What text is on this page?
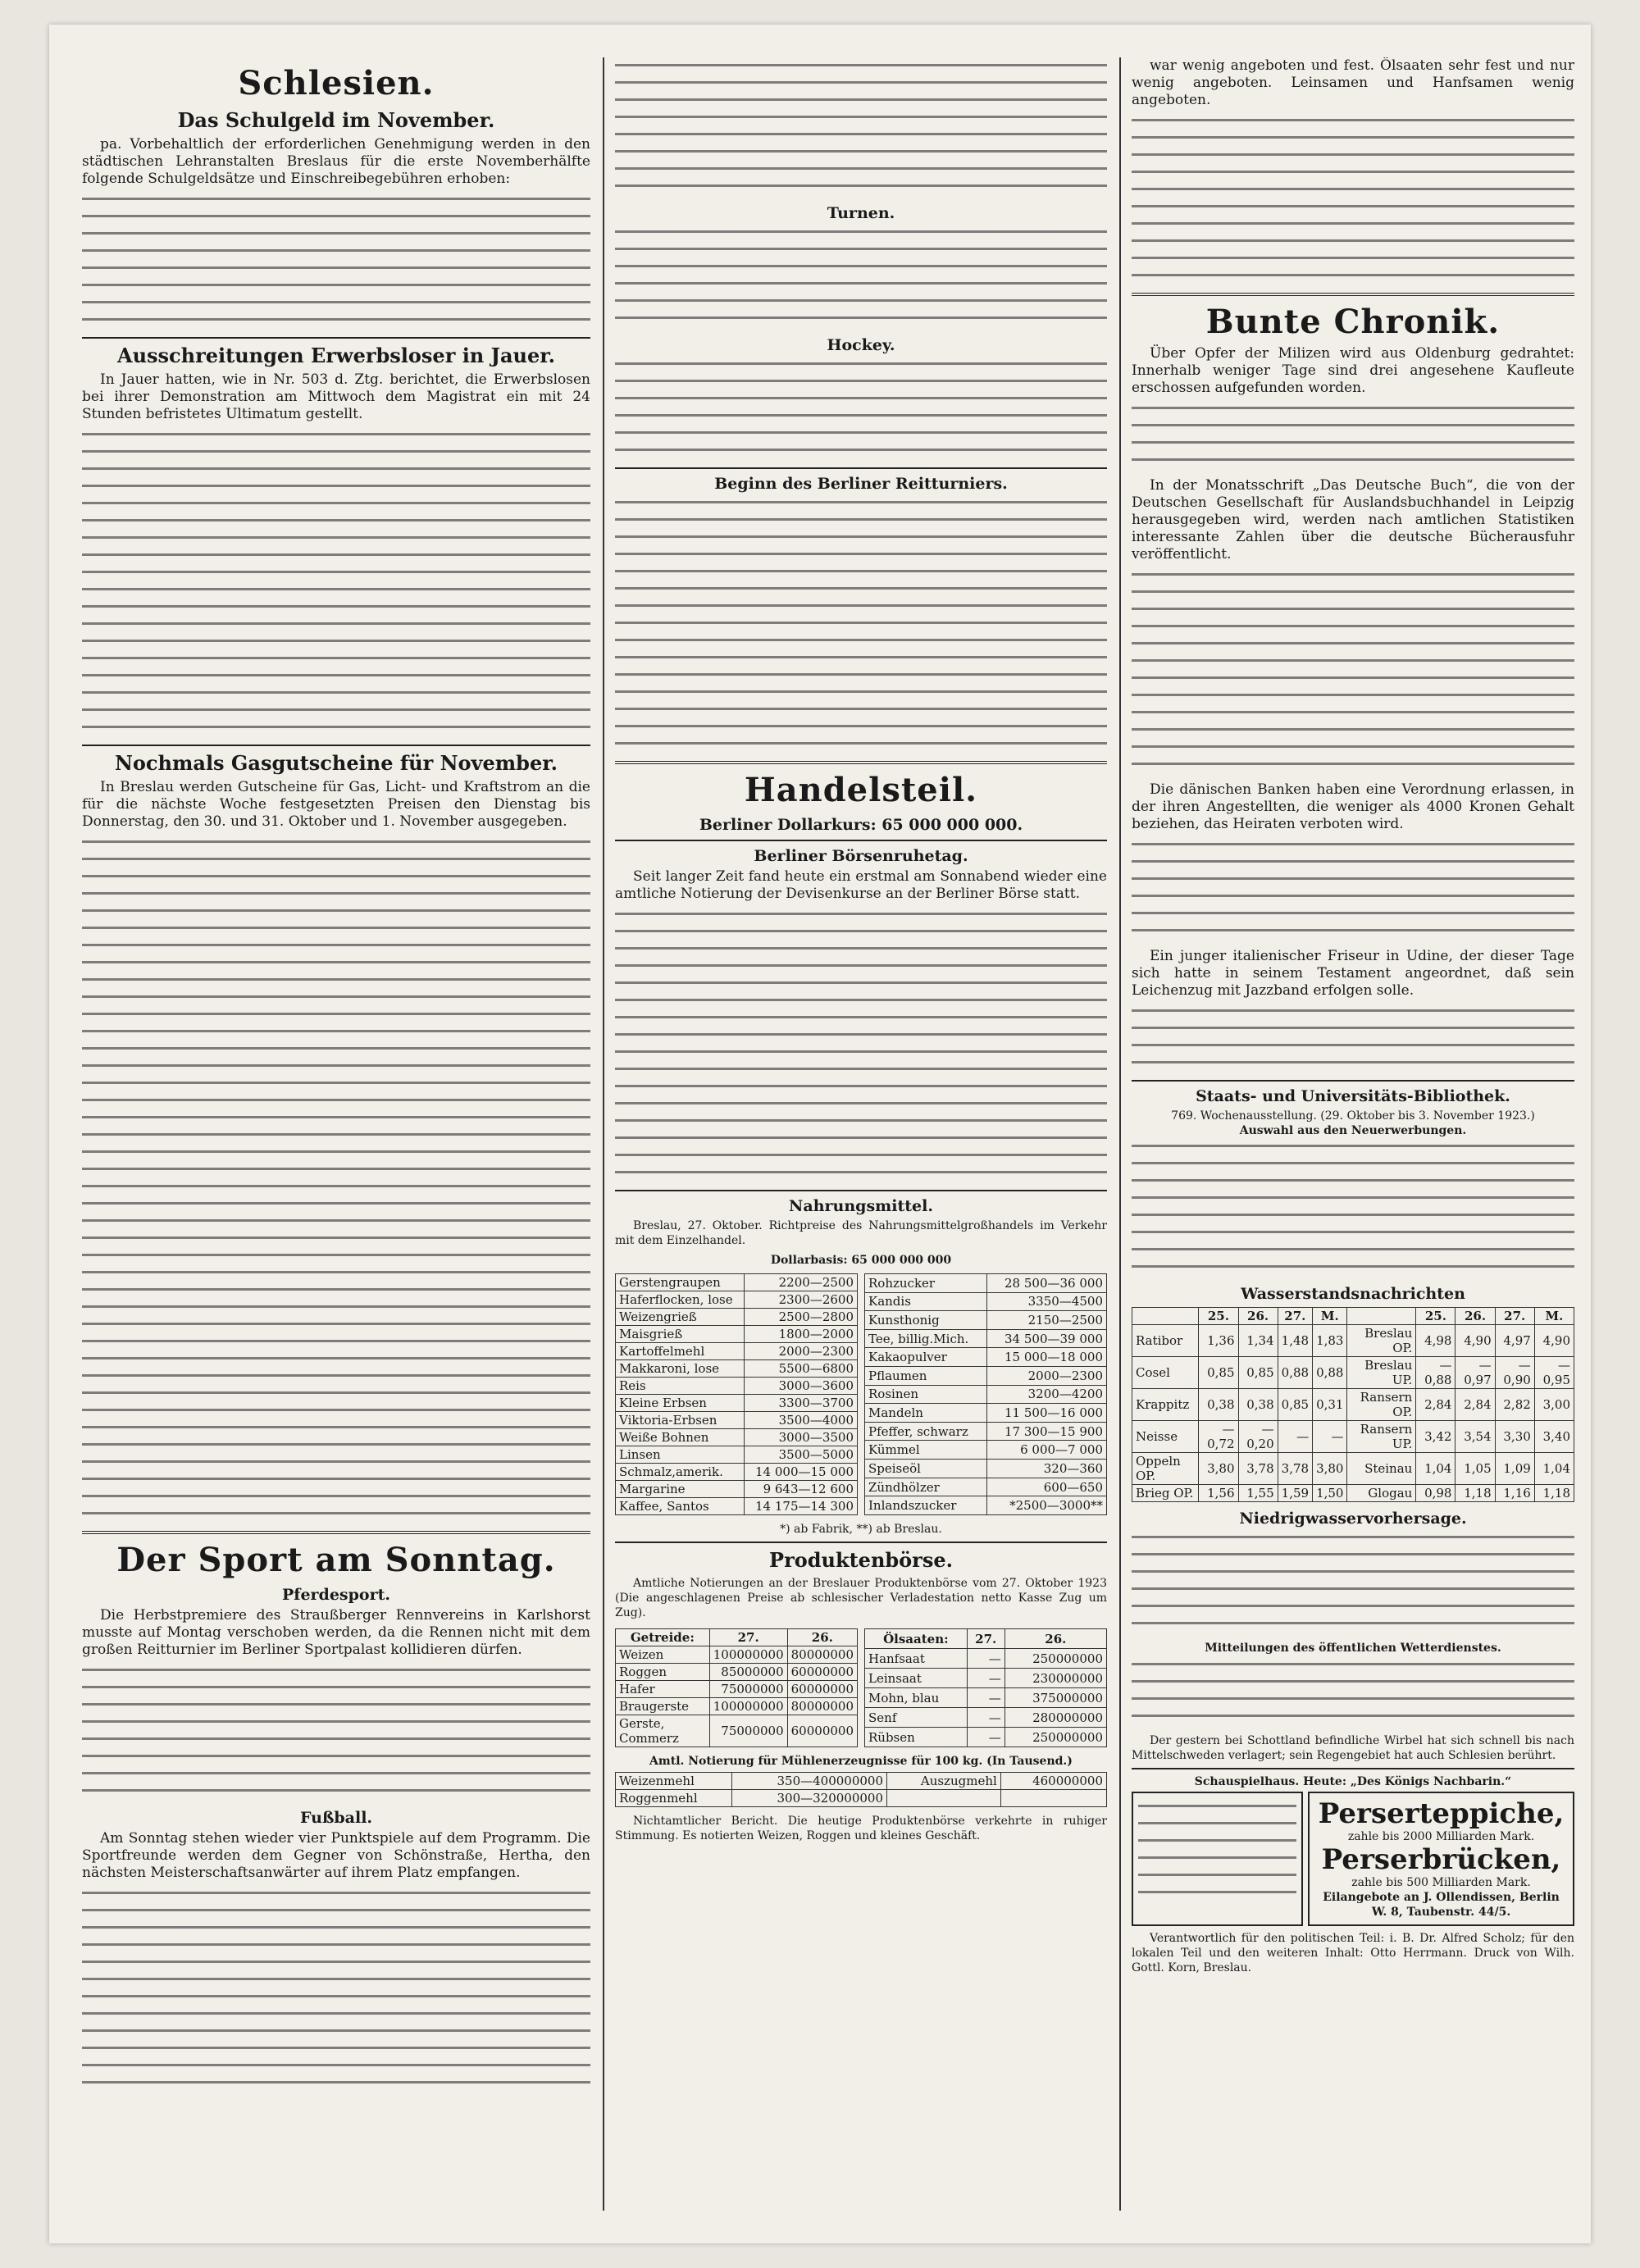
Schlesien.
Das Schulgeld im November.

pa. Vorbehaltlich der erforderlichen Genehmigung werden in den städtischen Lehranstalten Breslaus für die erste Novemberhälfte folgende Schulgeldsätze und Einschreibegebühren erhoben:

Ausschreitungen Erwerbsloser in Jauer.

In Jauer hatten, wie in Nr. 503 d. Ztg. berichtet, die Erwerbslosen bei ihrer Demonstration am Mittwoch dem Magistrat ein mit 24 Stunden befristetes Ultimatum gestellt.

Nochmals Gasgutscheine für November.

In Breslau werden Gutscheine für Gas, Licht- und Kraftstrom an die für die nächste Woche festgesetzten Preisen den Dienstag bis Donnerstag, den 30. und 31. Oktober und 1. November ausgegeben.

Der Sport am Sonntag.
Pferdesport.

Die Herbstpremiere des Straußberger Rennvereins in Karlshorst musste auf Montag verschoben werden, da die Rennen nicht mit dem großen Reitturnier im Berliner Sportpalast kollidieren dürfen.

Fußball.

Am Sonntag stehen wieder vier Punktspiele auf dem Programm. Die Sportfreunde werden dem Gegner von Schönstraße, Hertha, den nächsten Meisterschaftsanwärter auf ihrem Platz empfangen.

Turnen.
Hockey.
Beginn des Berliner Reitturniers.
Handelsteil.
Berliner Dollarkurs: 65 000 000 000.
Berliner Börsenruhetag.

Seit langer Zeit fand heute ein erstmal am Sonnabend wieder eine amtliche Notierung der Devisenkurse an der Berliner Börse statt.

Nahrungsmittel.

Breslau, 27. Oktober. Richtpreise des Nahrungsmittelgroßhandels im Verkehr mit dem Einzelhandel.

Dollarbasis: 65 000 000 000
Gerstengraupen	2200—2500
Haferflocken, lose	2300—2600
Weizengrieß	2500—2800
Maisgrieß	1800—2000
Kartoffelmehl	2000—2300
Makkaroni, lose	5500—6800
Reis	3000—3600
Kleine Erbsen	3300—3700
Viktoria-Erbsen	3500—4000
Weiße Bohnen	3000—3500
Linsen	3500—5000
Schmalz,amerik.	14 000—15 000
Margarine	9 643—12 600
Kaffee, Santos	14 175—14 300
Rohzucker	28 500—36 000
Kandis	3350—4500
Kunsthonig	2150—2500
Tee, billig.Mich.	34 500—39 000
Kakaopulver	15 000—18 000
Pflaumen	2000—2300
Rosinen	3200—4200
Mandeln	11 500—16 000
Pfeffer, schwarz	17 300—15 900
Kümmel	6 000—7 000
Speiseöl	320—360
Zündhölzer	600—650
Inlandszucker	*2500—3000**
*) ab Fabrik, **) ab Breslau.
Produktenbörse.

Amtliche Notierungen an der Breslauer Produktenbörse vom 27. Oktober 1923 (Die angeschlagenen Preise ab schlesischer Verladestation netto Kasse Zug um Zug).

Getreide:	27.	26.
Weizen	100000000	80000000
Roggen	85000000	60000000
Hafer	75000000	60000000
Braugerste	100000000	80000000
Gerste, Commerz	75000000	60000000
Ölsaaten:	27.	26.
Hanfsaat	—	250000000
Leinsaat	—	230000000
Mohn, blau	—	375000000
Senf	—	280000000
Rübsen	—	250000000
Amtl. Notierung für Mühlenerzeugnisse für 100 kg. (In Tausend.)
Weizenmehl	350—400000000	Auszugmehl	460000000
Roggenmehl	300—320000000		

Nichtamtlicher Bericht. Die heutige Produktenbörse verkehrte in ruhiger Stimmung. Es notierten Weizen, Roggen und kleines Geschäft.

war wenig angeboten und fest. Ölsaaten sehr fest und nur wenig angeboten. Leinsamen und Hanfsamen wenig angeboten.

Bunte Chronik.

Über Opfer der Milizen wird aus Oldenburg gedrahtet: Innerhalb weniger Tage sind drei angesehene Kaufleute erschossen aufgefunden worden.

In der Monatsschrift „Das Deutsche Buch“, die von der Deutschen Gesellschaft für Auslandsbuchhandel in Leipzig herausgegeben wird, werden nach amtlichen Statistiken interessante Zahlen über die deutsche Bücherausfuhr veröffentlicht.

Die dänischen Banken haben eine Verordnung erlassen, in der ihren Angestellten, die weniger als 4000 Kronen Gehalt beziehen, das Heiraten verboten wird.

Ein junger italienischer Friseur in Udine, der dieser Tage sich hatte in seinem Testament angeordnet, daß sein Leichenzug mit Jazzband erfolgen solle.

Staats- und Universitäts-Bibliothek.
769. Wochenausstellung. (29. Oktober bis 3. November 1923.)
Auswahl aus den Neuerwerbungen.
Wasserstandsnachrichten
	25.	26.	27.	M.		25.	26.	27.	M.
Ratibor	1,36	1,34	1,48	1,83	Breslau OP.	4,98	4,90	4,97	4,90
Cosel	0,85	0,85	0,88	0,88	Breslau UP.	—0,88	—0,97	—0,90	—0,95
Krappitz	0,38	0,38	0,85	0,31	Ransern OP.	2,84	2,84	2,82	3,00
Neisse	—0,72	—0,20	—	—	Ransern UP.	3,42	3,54	3,30	3,40
Oppeln OP.	3,80	3,78	3,78	3,80	Steinau	1,04	1,05	1,09	1,04
Brieg OP.	1,56	1,55	1,59	1,50	Glogau	0,98	1,18	1,16	1,18
Niedrigwasservorhersage.
Mitteilungen des öffentlichen Wetterdienstes.

Der gestern bei Schottland befindliche Wirbel hat sich schnell bis nach Mittelschweden verlagert; sein Regengebiet hat auch Schlesien berührt.

Schauspielhaus. Heute: „Des Königs Nachbarin.“
Perserteppiche,
zahle bis 2000 Milliarden Mark.
Perserbrücken,
zahle bis 500 Milliarden Mark.
Eilangebote an J. Ollendissen, Berlin W. 8, Taubenstr. 44/5.

Verantwortlich für den politischen Teil: i. B. Dr. Alfred Scholz; für den lokalen Teil und den weiteren Inhalt: Otto Herrmann. Druck von Wilh. Gottl. Korn, Breslau.
